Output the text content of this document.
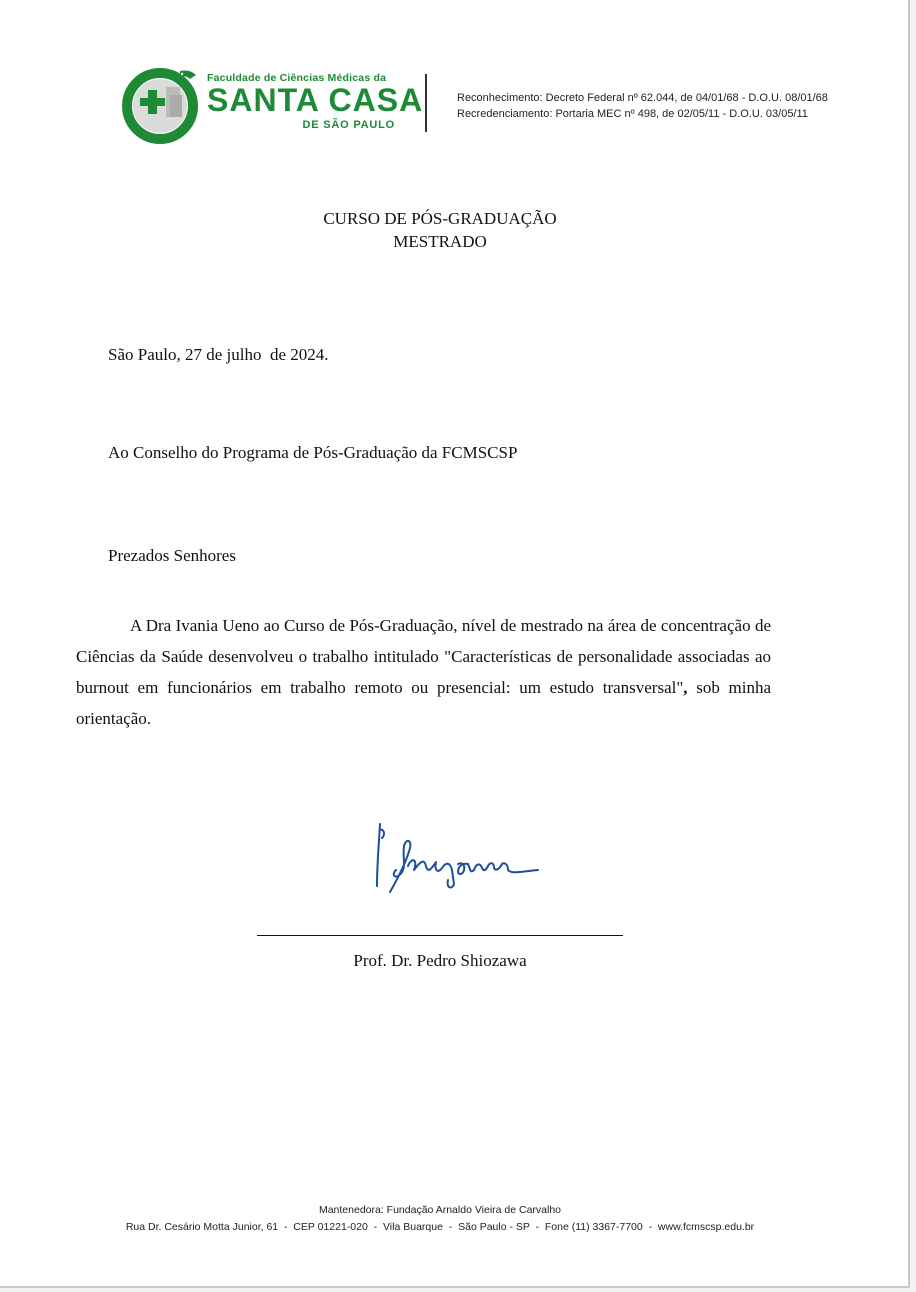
Faculdade de Ciências Médicas da
SANTA CASA
DE SÃO PAULO
Reconhecimento: Decreto Federal nº 62.044, de 04/01/68 - D.O.U. 08/01/68
Recredenciamento: Portaria MEC nº 498, de 02/05/11 - D.O.U. 03/05/11
CURSO DE PÓS-GRADUAÇÃO
MESTRADO
São Paulo, 27 de julho  de 2024.
Ao Conselho do Programa de Pós-Graduação da FCMSCSP
Prezados Senhores
A Dra Ivania Ueno ao Curso de Pós-Graduação, nível de mestrado na área de concentração de Ciências da Saúde desenvolveu o trabalho intitulado "Características de personalidade associadas ao burnout em funcionários em trabalho remoto ou presencial: um estudo transversal", sob minha orientação.
Prof. Dr. Pedro Shiozawa
Mantenedora: Fundação Arnaldo Vieira de Carvalho
Rua Dr. Cesário Motta Junior, 61  -  CEP 01221-020  -  Vila Buarque  -  São Paulo - SP  -  Fone (11) 3367-7700  -  www.fcmscsp.edu.br
